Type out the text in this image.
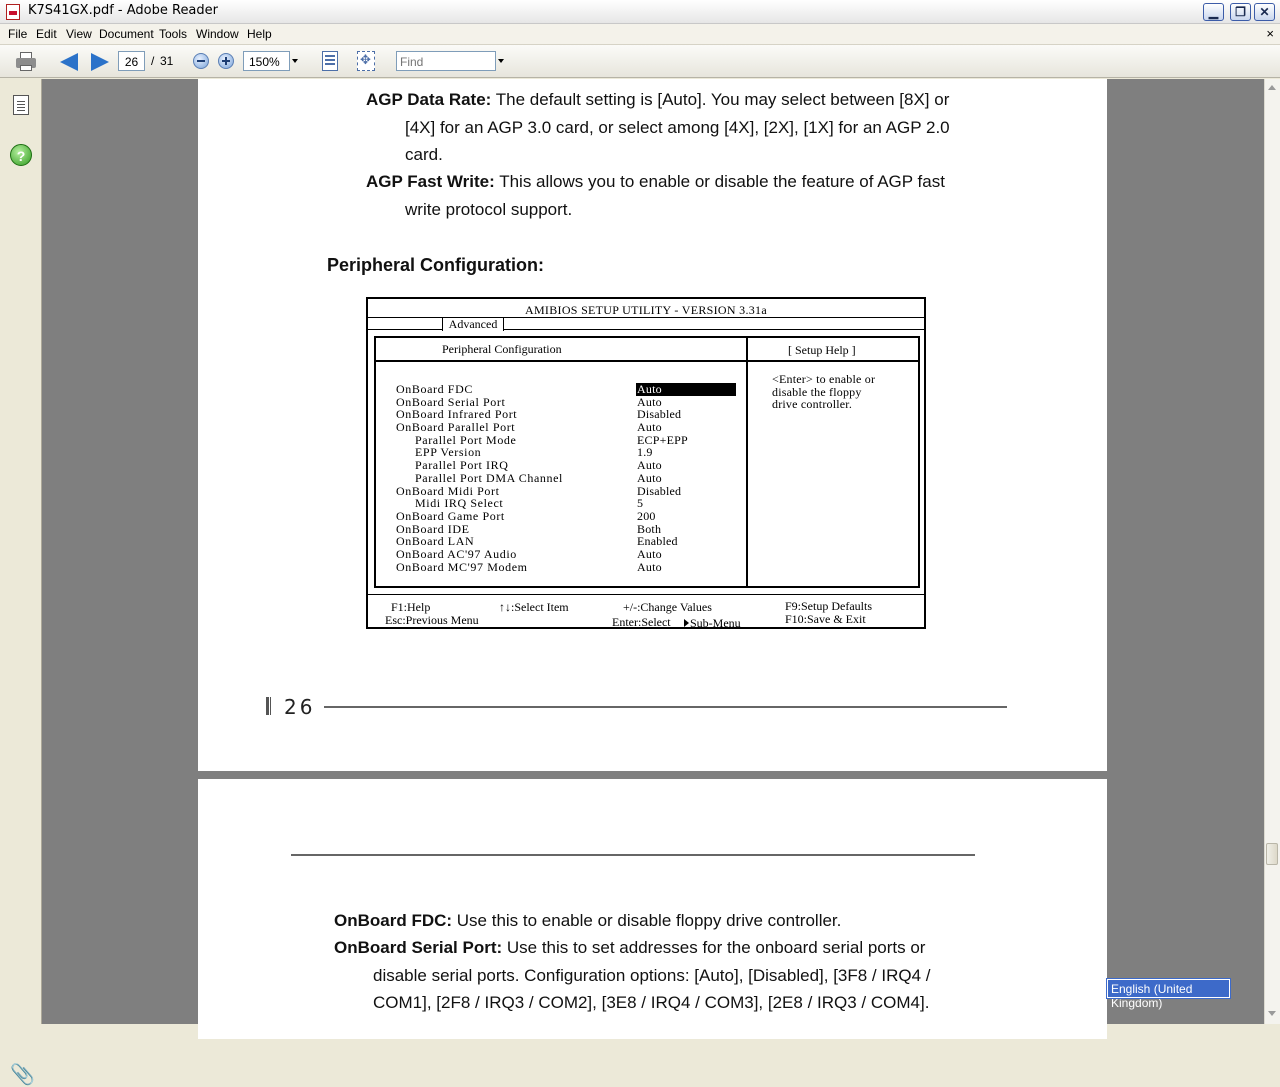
K7S41GX.pdf - Adobe Reader	▁	❐	✕
File Edit View Document Tools Window Help	×
26
/ 31
150%
✥
Find
?
📎
AGP Data Rate: The default setting is [Auto]. You may select between [8X] or
[4X] for an AGP 3.0 card, or select among [4X], [2X], [1X] for an AGP 2.0
card.
AGP Fast Write: This allows you to enable or disable the feature of AGP fast
write protocol support.
Peripheral Configuration:
AMIBIOS SETUP UTILITY - VERSION 3.31a
Advanced
Peripheral Configuration	[ Setup Help ]
OnBoard FDC	Auto
OnBoard Serial Port	Auto
OnBoard Infrared Port	Disabled
OnBoard Parallel Port	Auto
Parallel Port Mode	ECP+EPP
EPP Version	1.9
Parallel Port IRQ	Auto
Parallel Port DMA Channel	Auto
OnBoard Midi Port	Disabled
Midi IRQ Select	5
OnBoard Game Port	200
OnBoard IDE	Both
OnBoard LAN	Enabled
OnBoard AC'97 Audio	Auto
OnBoard MC'97 Modem	Auto
<Enter> to enable or
disable the floppy
drive controller.
F1:Help	↑↓:Select Item	+/-:Change Values	F9:Setup Defaults
Esc:Previous Menu	Enter:Select	Sub-Menu	F10:Save & Exit
26
OnBoard FDC: Use this to enable or disable floppy drive controller.
OnBoard Serial Port: Use this to set addresses for the onboard serial ports or
disable serial ports. Configuration options: [Auto], [Disabled], [3F8 / IRQ4 /
COM1], [2F8 / IRQ3 / COM2], [3E8 / IRQ4 / COM3], [2E8 / IRQ3 / COM4].
English (United Kingdom)
